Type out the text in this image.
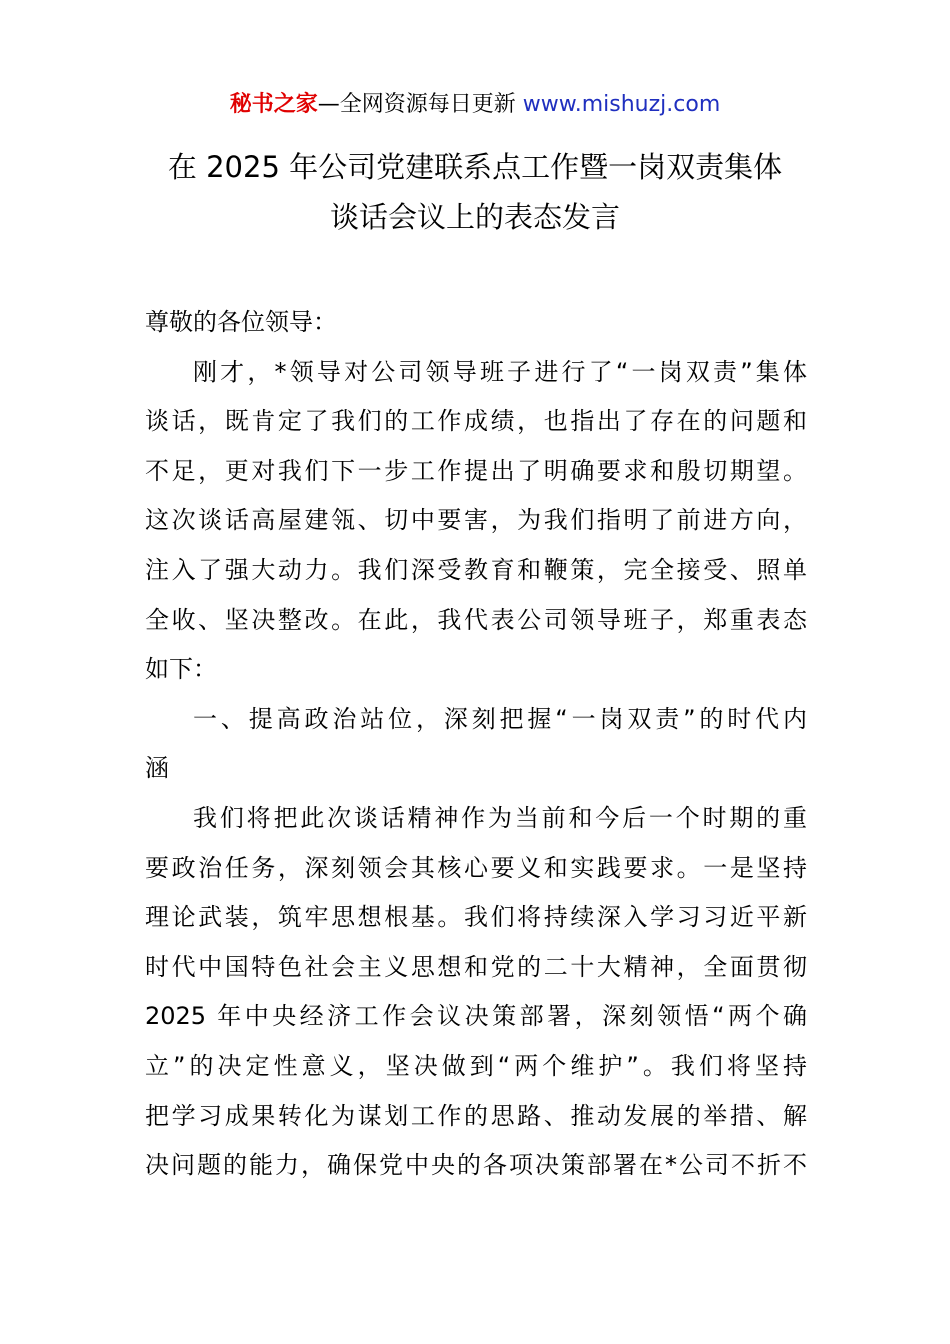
秘书之家—全网资源每日更新 www.mishuzj.com
在 2025 年公司党建联系点工作暨一岗双责集体
谈话会议上的表态发言
尊敬的各位领导：
刚才，*领导对公司领导班子进行了“一岗双责”集体
谈话，既肯定了我们的工作成绩，也指出了存在的问题和
不足，更对我们下一步工作提出了明确要求和殷切期望。
这次谈话高屋建瓴、切中要害，为我们指明了前进方向，
注入了强大动力。我们深受教育和鞭策，完全接受、照单
全收、坚决整改。在此，我代表公司领导班子，郑重表态
如下：
一、提高政治站位，深刻把握“一岗双责”的时代内
涵
我们将把此次谈话精神作为当前和今后一个时期的重
要政治任务，深刻领会其核心要义和实践要求。一是坚持
理论武装，筑牢思想根基。我们将持续深入学习习近平新
时代中国特色社会主义思想和党的二十大精神，全面贯彻
2025 年中央经济工作会议决策部署，深刻领悟“两个确
立”的决定性意义，坚决做到“两个维护”。我们将坚持
把学习成果转化为谋划工作的思路、推动发展的举措、解
决问题的能力，确保党中央的各项决策部署在*公司不折不
